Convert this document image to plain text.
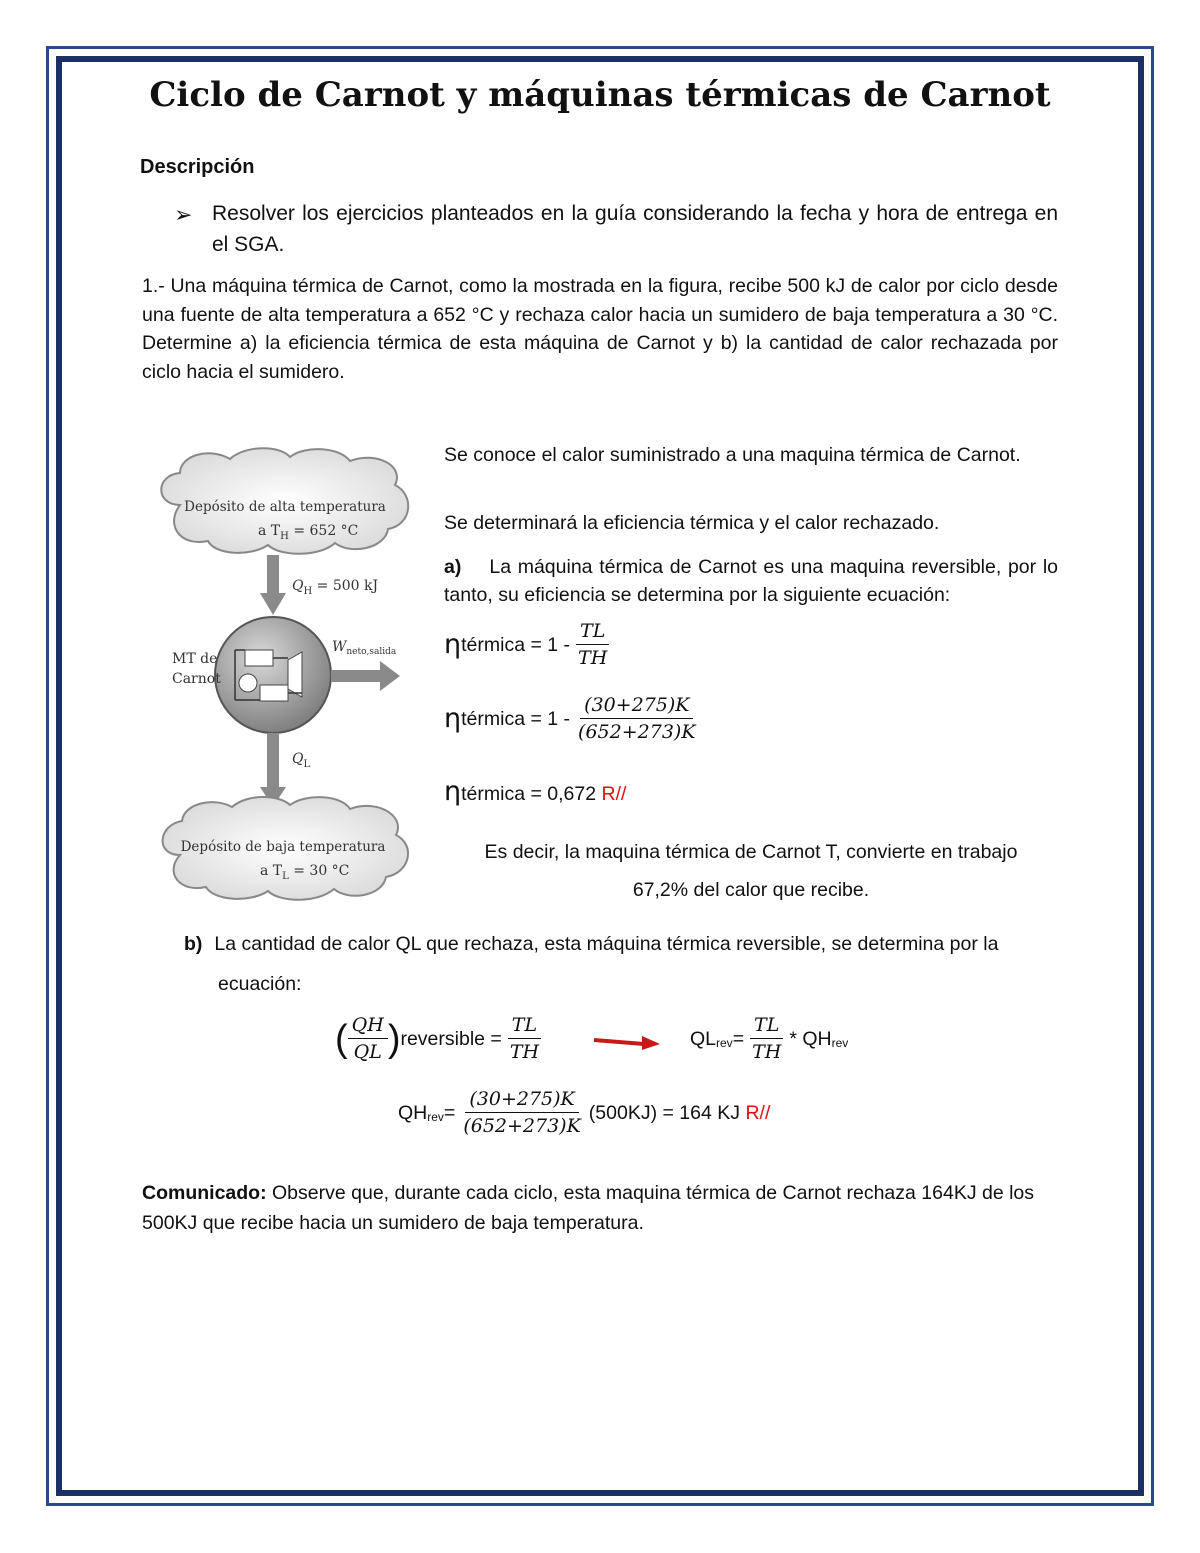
Ciclo de Carnot y máquinas térmicas de Carnot
Descripción
➢ Resolver los ejercicios planteados en la guía considerando la fecha y hora de entrega en el SGA.
1.- Una máquina térmica de Carnot, como la mostrada en la figura, recibe 500 kJ de calor por ciclo desde una fuente de alta temperatura a 652 °C y rechaza calor hacia un sumidero de baja temperatura a 30 °C. Determine a) la eficiencia térmica de esta máquina de Carnot y b) la cantidad de calor rechazada por ciclo hacia el sumidero.
Depósito de alta temperatura
a $T_H = 652$ °C
$Q_H = 500$ kJ
MT de
Carnot
$W_{neto,salida}$
$Q_L$
Depósito de baja temperatura
a $T_L = 30$ °C
Se conoce el calor suministrado a una maquina térmica de Carnot.
Se determinará la eficiencia térmica y el calor rechazado.
a) La máquina térmica de Carnot es una maquina reversible, por lo tanto, su eficiencia se determina por la siguiente ecuación:
η térmica = $1 - \frac{TL}{TH}$
η térmica = $1 - \frac{(30+275)K}{(652+273)K}$
η térmica = 0,672
R//
Es decir, la maquina térmica de Carnot T, convierte en trabajo
67,2% del calor que recibe.
b) La cantidad de calor QL que rechaza, esta máquina térmica reversible, se determina por la
ecuación:
( $\frac{QH}{QL}$ ) reversible = $\frac{TL}{TH}$	QL rev = $\frac{TL}{TH}$ * QH rev
QH rev = $\frac{(30+275)K}{(652+273)K} (500KJ) = 164$ KJ
R//
Comunicado: Observe que, durante cada ciclo, esta maquina térmica de Carnot rechaza 164KJ de los 500KJ que recibe hacia un sumidero de baja temperatura.
